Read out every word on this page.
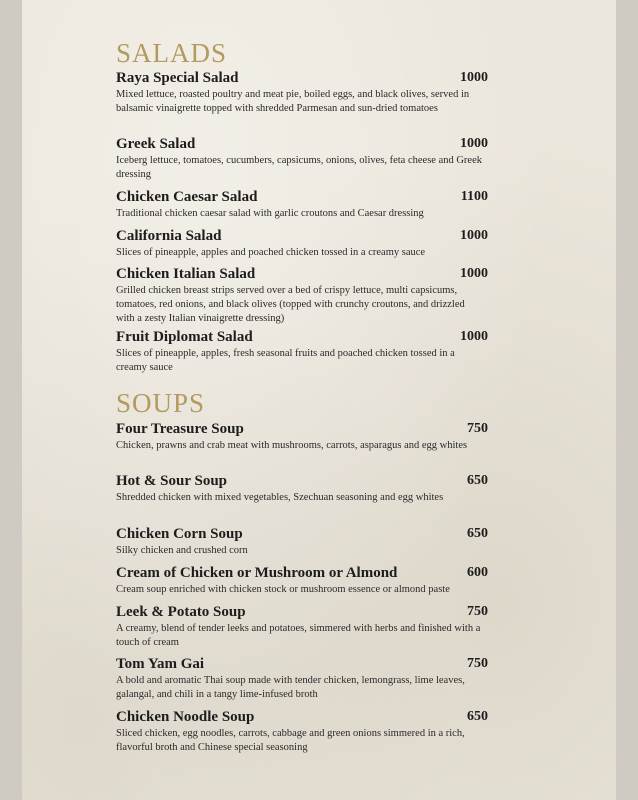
SALADS
Raya Special Salad	1000

Mixed lettuce, roasted poultry and meat pie, boiled eggs, and black olives, served in balsamic vinaigrette topped with shredded Parmesan and sun-dried tomatoes

Greek Salad	1000

Iceberg lettuce, tomatoes, cucumbers, capsicums, onions, olives, feta cheese and Greek dressing

Chicken Caesar Salad	1100

Traditional chicken caesar salad with garlic croutons and Caesar dressing

California Salad	1000

Slices of pineapple, apples and poached chicken tossed in a creamy sauce

Chicken Italian Salad	1000

Grilled chicken breast strips served over a bed of crispy lettuce, multi capsicums, tomatoes, red onions, and black olives (topped with crunchy croutons, and drizzled with a zesty Italian vinaigrette dressing)

Fruit Diplomat Salad	1000

Slices of pineapple, apples, fresh seasonal fruits and poached chicken tossed in a creamy sauce

SOUPS
Four Treasure Soup	750

Chicken, prawns and crab meat with mushrooms, carrots, asparagus and egg whites

Hot & Sour Soup	650

Shredded chicken with mixed vegetables, Szechuan seasoning and egg whites

Chicken Corn Soup	650

Silky chicken and crushed corn

Cream of Chicken or Mushroom or Almond	600

Cream soup enriched with chicken stock or mushroom essence or almond paste

Leek & Potato Soup	750

A creamy, blend of tender leeks and potatoes, simmered with herbs and finished with a touch of cream

Tom Yam Gai	750

A bold and aromatic Thai soup made with tender chicken, lemongrass, lime leaves, galangal, and chili in a tangy lime-infused broth

Chicken Noodle Soup	650

Sliced chicken, egg noodles, carrots, cabbage and green onions simmered in a rich, flavorful broth and Chinese special seasoning
